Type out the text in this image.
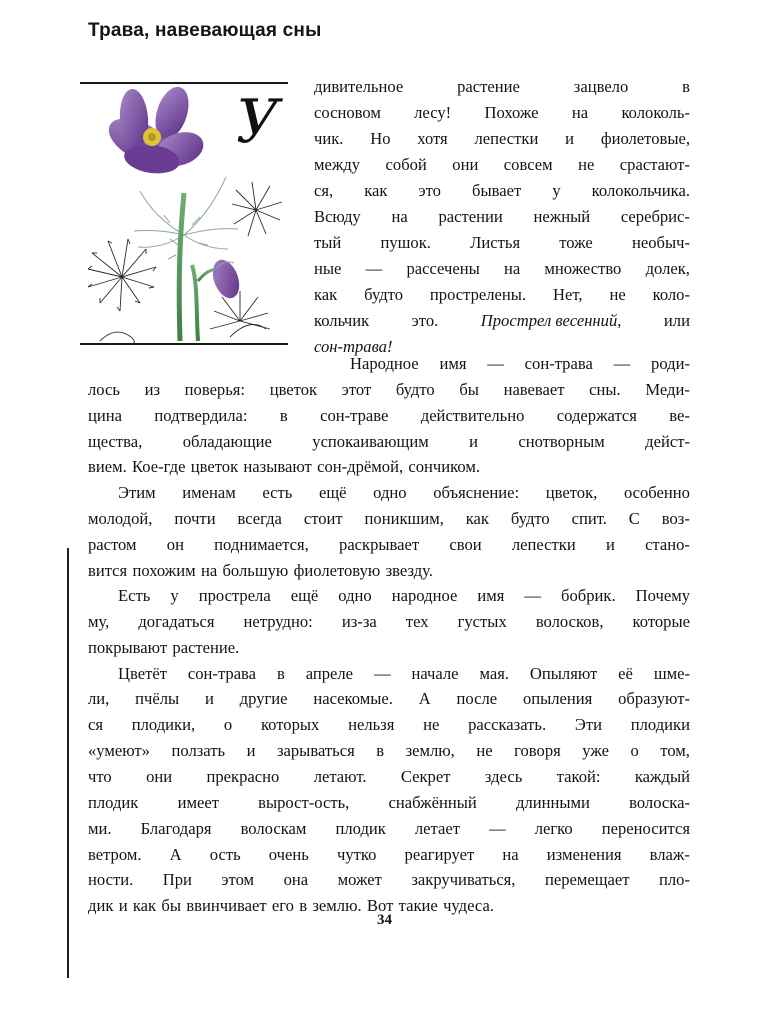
Трава, навевающая сны
У
дивительное	растение	зацвело	в
сосновом лесу! Похоже на колоколь-
чик. Но хотя лепестки и фиолетовые,
между собой они совсем не срастают-
ся, как это бывает у колокольчика.
Всюду на растении нежный серебрис-
тый пушок. Листья тоже необыч-
ные — рассечены на множество долек,
как будто прострелены. Нет, не коло-
кольчик	это.	Прострел весенний,	или
сон-трава!
Народное имя — сон-трава — роди-
лось из поверья: цветок этот будто бы навевает сны. Меди-
цина подтвердила: в сон-траве действительно содержатся ве-
щества, обладающие успокаивающим и снотворным дейст-
вием. Кое-где цветок называют сон-дрёмой, сончиком.
Этим именам есть ещё одно объяснение: цветок, особенно
молодой, почти всегда стоит поникшим, как будто спит. С воз-
растом он поднимается, раскрывает свои лепестки и стано-
вится похожим на большую фиолетовую звезду.
Есть у прострела ещё одно народное имя — бобрик. Почему
му, догадаться нетрудно: из-за тех густых волосков, которые
покрывают растение.
Цветёт сон-трава в апреле — начале мая. Опыляют её шме-
ли, пчёлы и другие насекомые. А после опыления образуют-
ся плодики, о которых нельзя не рассказать. Эти плодики
«умеют» ползать и зарываться в землю, не говоря уже о том,
что они прекрасно летают. Секрет здесь такой: каждый
плодик имеет вырост-ость, снабжённый длинными волоска-
ми. Благодаря волоскам плодик летает — легко переносится
ветром. А ость очень чутко реагирует на изменения влаж-
ности. При этом она может закручиваться, перемещает пло-
дик и как бы ввинчивает его в землю. Вот такие чудеса.
34
